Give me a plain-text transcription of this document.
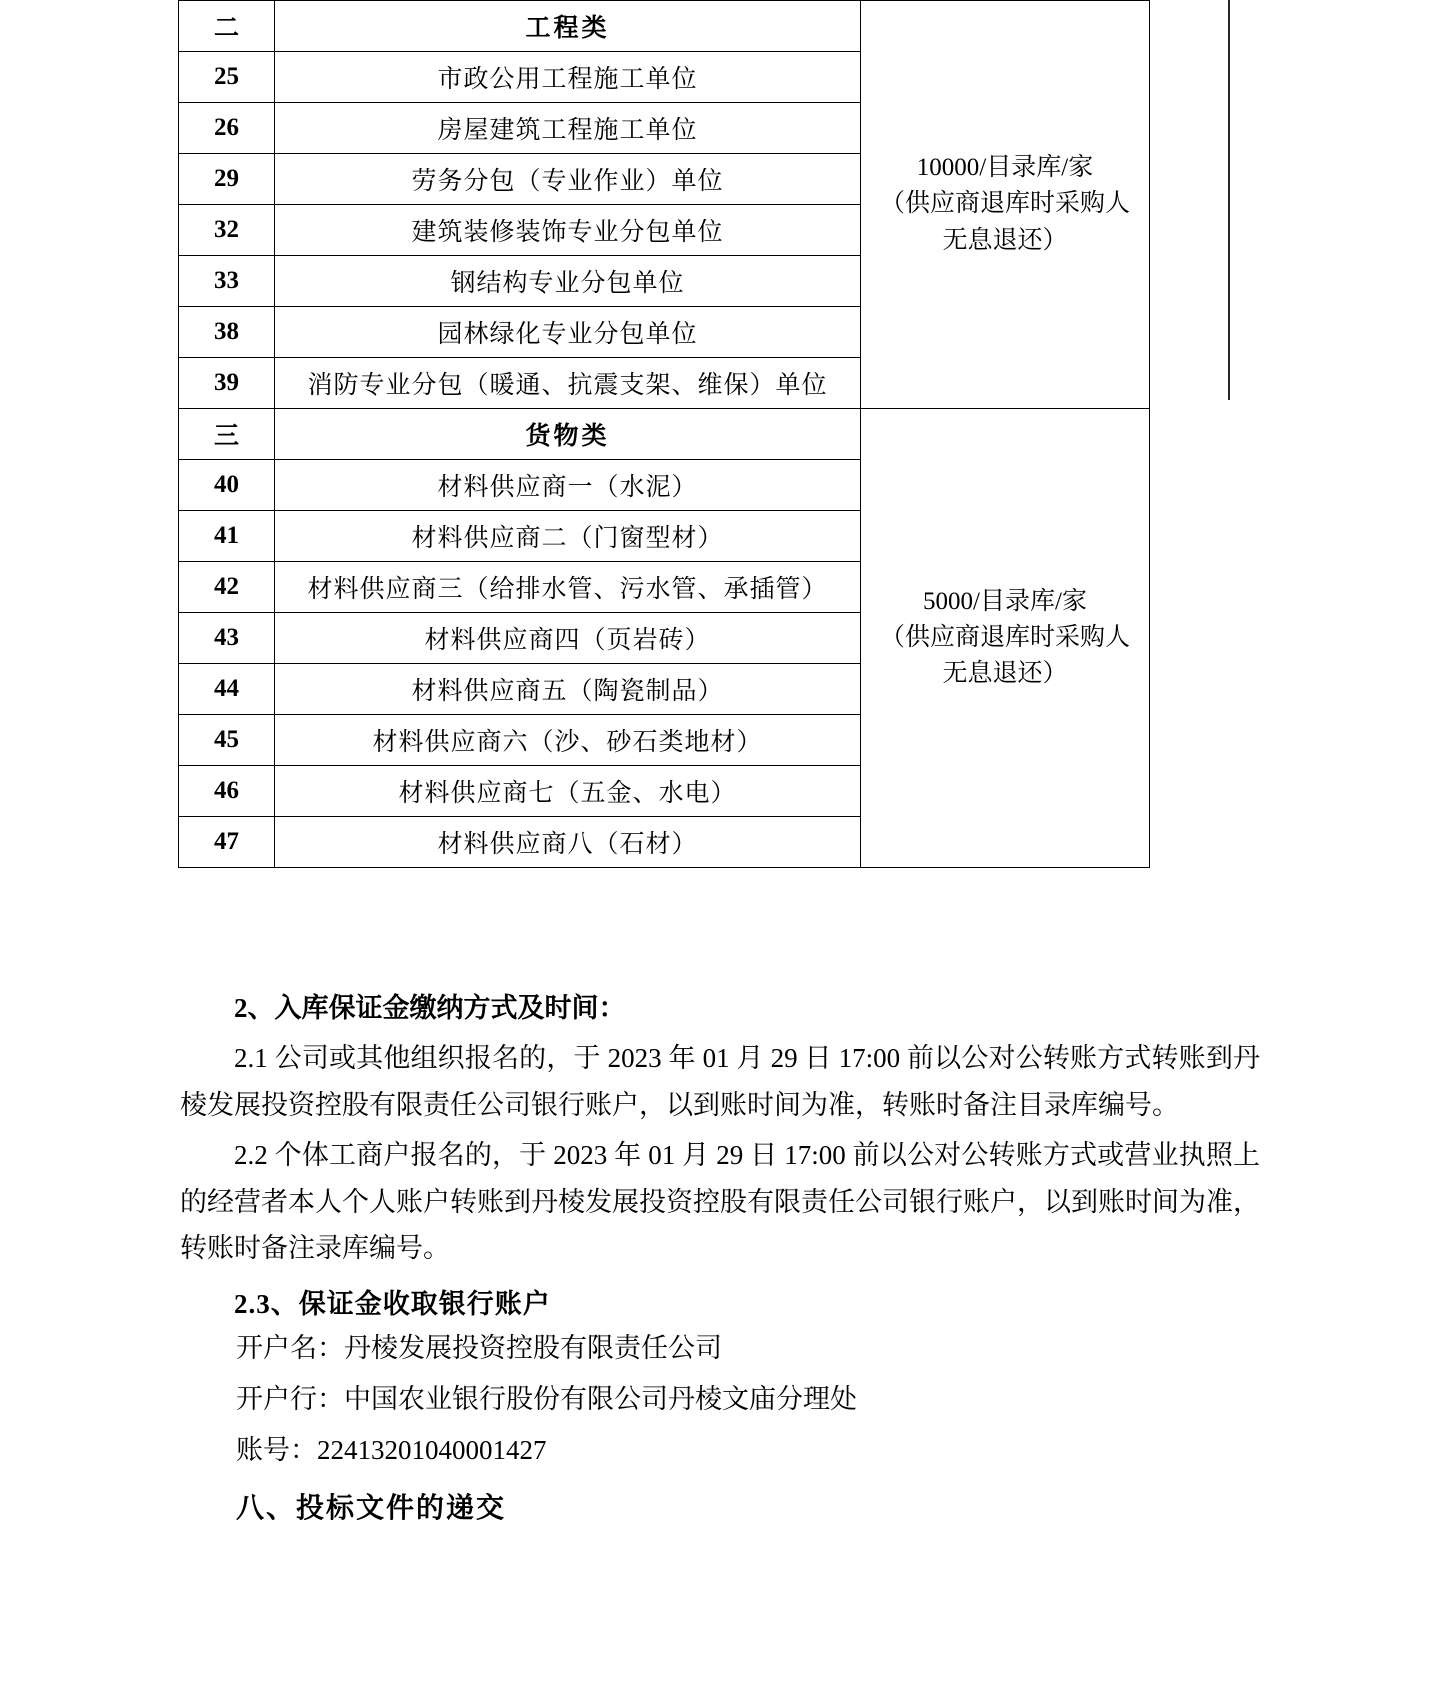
二	工程类	10000/目录库/家
（供应商退库时采购人
无息退还）

25	市政公用工程施工单位	
26	房屋建筑工程施工单位	
29	劳务分包（专业作业）单位	
32	建筑装修装饰专业分包单位	
33	钢结构专业分包单位	
38	园林绿化专业分包单位	
39	消防专业分包（暖通、抗震支架、维保）单位	
三	货物类	5000/目录库/家
（供应商退库时采购人
无息退还）

40	材料供应商一（水泥）	
41	材料供应商二（门窗型材）	
42	材料供应商三（给排水管、污水管、承插管）	
43	材料供应商四（页岩砖）	
44	材料供应商五（陶瓷制品）	
45	材料供应商六（沙、砂石类地材）	
46	材料供应商七（五金、水电）	
47	材料供应商八（石材）	

2、入库保证金缴纳方式及时间：

2.1 公司或其他组织报名的，于 2023 年 01 月 29 日 17:00 前以公对公转账方式转账到丹棱发展投资控股有限责任公司银行账户，以到账时间为准，转账时备注目录库编号。

2.2 个体工商户报名的，于 2023 年 01 月 29 日 17:00 前以公对公转账方式或营业执照上的经营者本人个人账户转账到丹棱发展投资控股有限责任公司银行账户，以到账时间为准，转账时备注录库编号。

2.3、保证金收取银行账户

开户名：丹棱发展投资控股有限责任公司

开户行：中国农业银行股份有限公司丹棱文庙分理处

账号：22413201040001427

八、投标文件的递交
